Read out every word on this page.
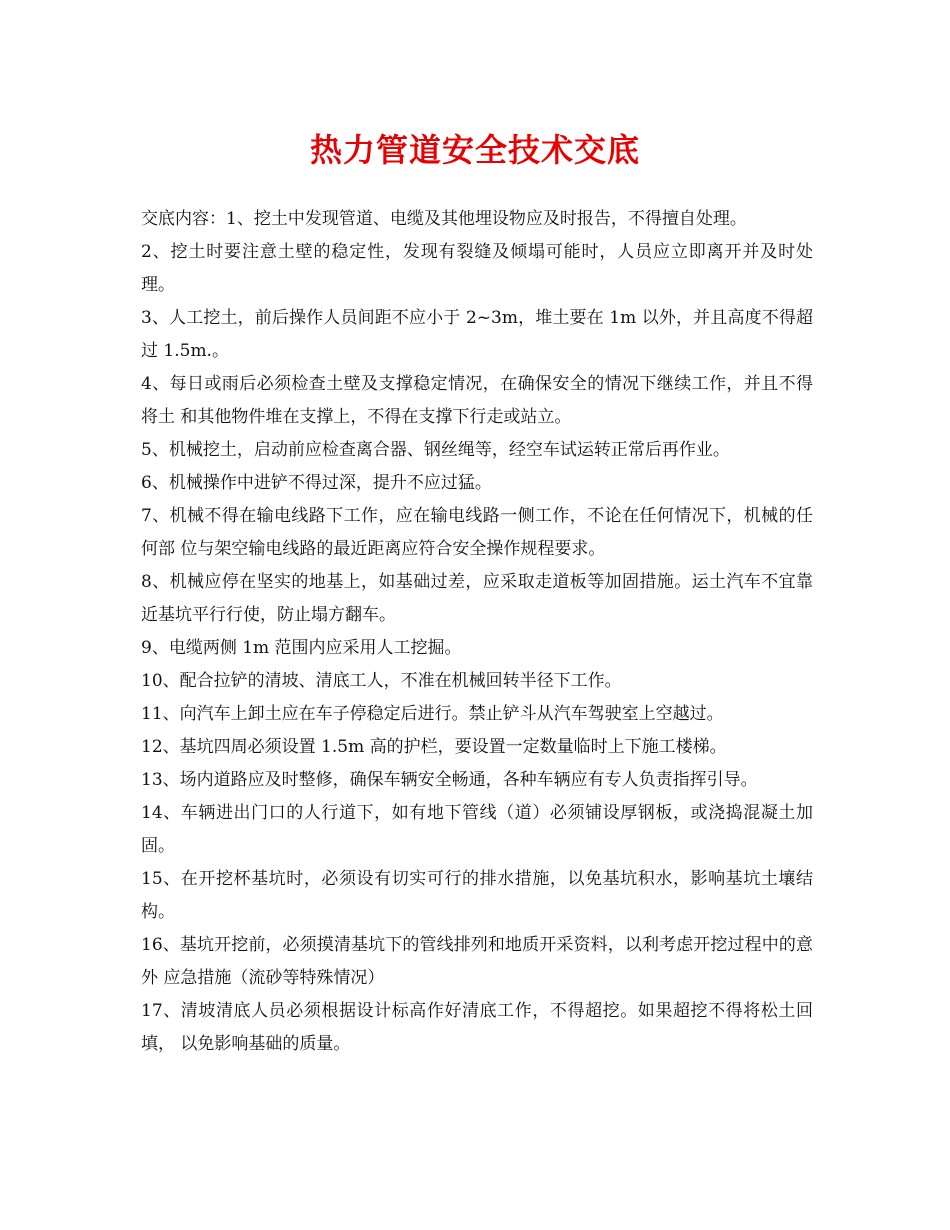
热力管道安全技术交底

交底内容：1、挖土中发现管道、电缆及其他埋设物应及时报告，不得擅自处理。

2、挖土时要注意土壁的稳定性，发现有裂缝及倾塌可能时，人员应立即离开并及时处理。

3、人工挖土，前后操作人员间距不应小于 2~3m，堆土要在 1m 以外，并且高度不得超过 1.5m.。

4、每日或雨后必须检查土壁及支撑稳定情况，在确保安全的情况下继续工作，并且不得将土 和其他物件堆在支撑上，不得在支撑下行走或站立。

5、机械挖土，启动前应检查离合器、钢丝绳等，经空车试运转正常后再作业。

6、机械操作中进铲不得过深，提升不应过猛。

7、机械不得在输电线路下工作，应在输电线路一侧工作，不论在任何情况下，机械的任何部 位与架空输电线路的最近距离应符合安全操作规程要求。

8、机械应停在坚实的地基上，如基础过差，应采取走道板等加固措施。运土汽车不宜靠近基坑平行行使，防止塌方翻车。

9、电缆两侧 1m 范围内应采用人工挖掘。

10、配合拉铲的清坡、清底工人，不准在机械回转半径下工作。

11、向汽车上卸土应在车子停稳定后进行。禁止铲斗从汽车驾驶室上空越过。

12、基坑四周必须设置 1.5m 高的护栏，要设置一定数量临时上下施工楼梯。

13、场内道路应及时整修，确保车辆安全畅通，各种车辆应有专人负责指挥引导。

14、车辆进出门口的人行道下，如有地下管线（道）必须铺设厚钢板，或浇捣混凝土加固。

15、在开挖杯基坑时，必须设有切实可行的排水措施，以免基坑积水，影响基坑土壤结构。

16、基坑开挖前，必须摸清基坑下的管线排列和地质开采资料，以利考虑开挖过程中的意外 应急措施（流砂等特殊情况）

17、清坡清底人员必须根据设计标高作好清底工作，不得超挖。如果超挖不得将松土回填， 以免影响基础的质量。
